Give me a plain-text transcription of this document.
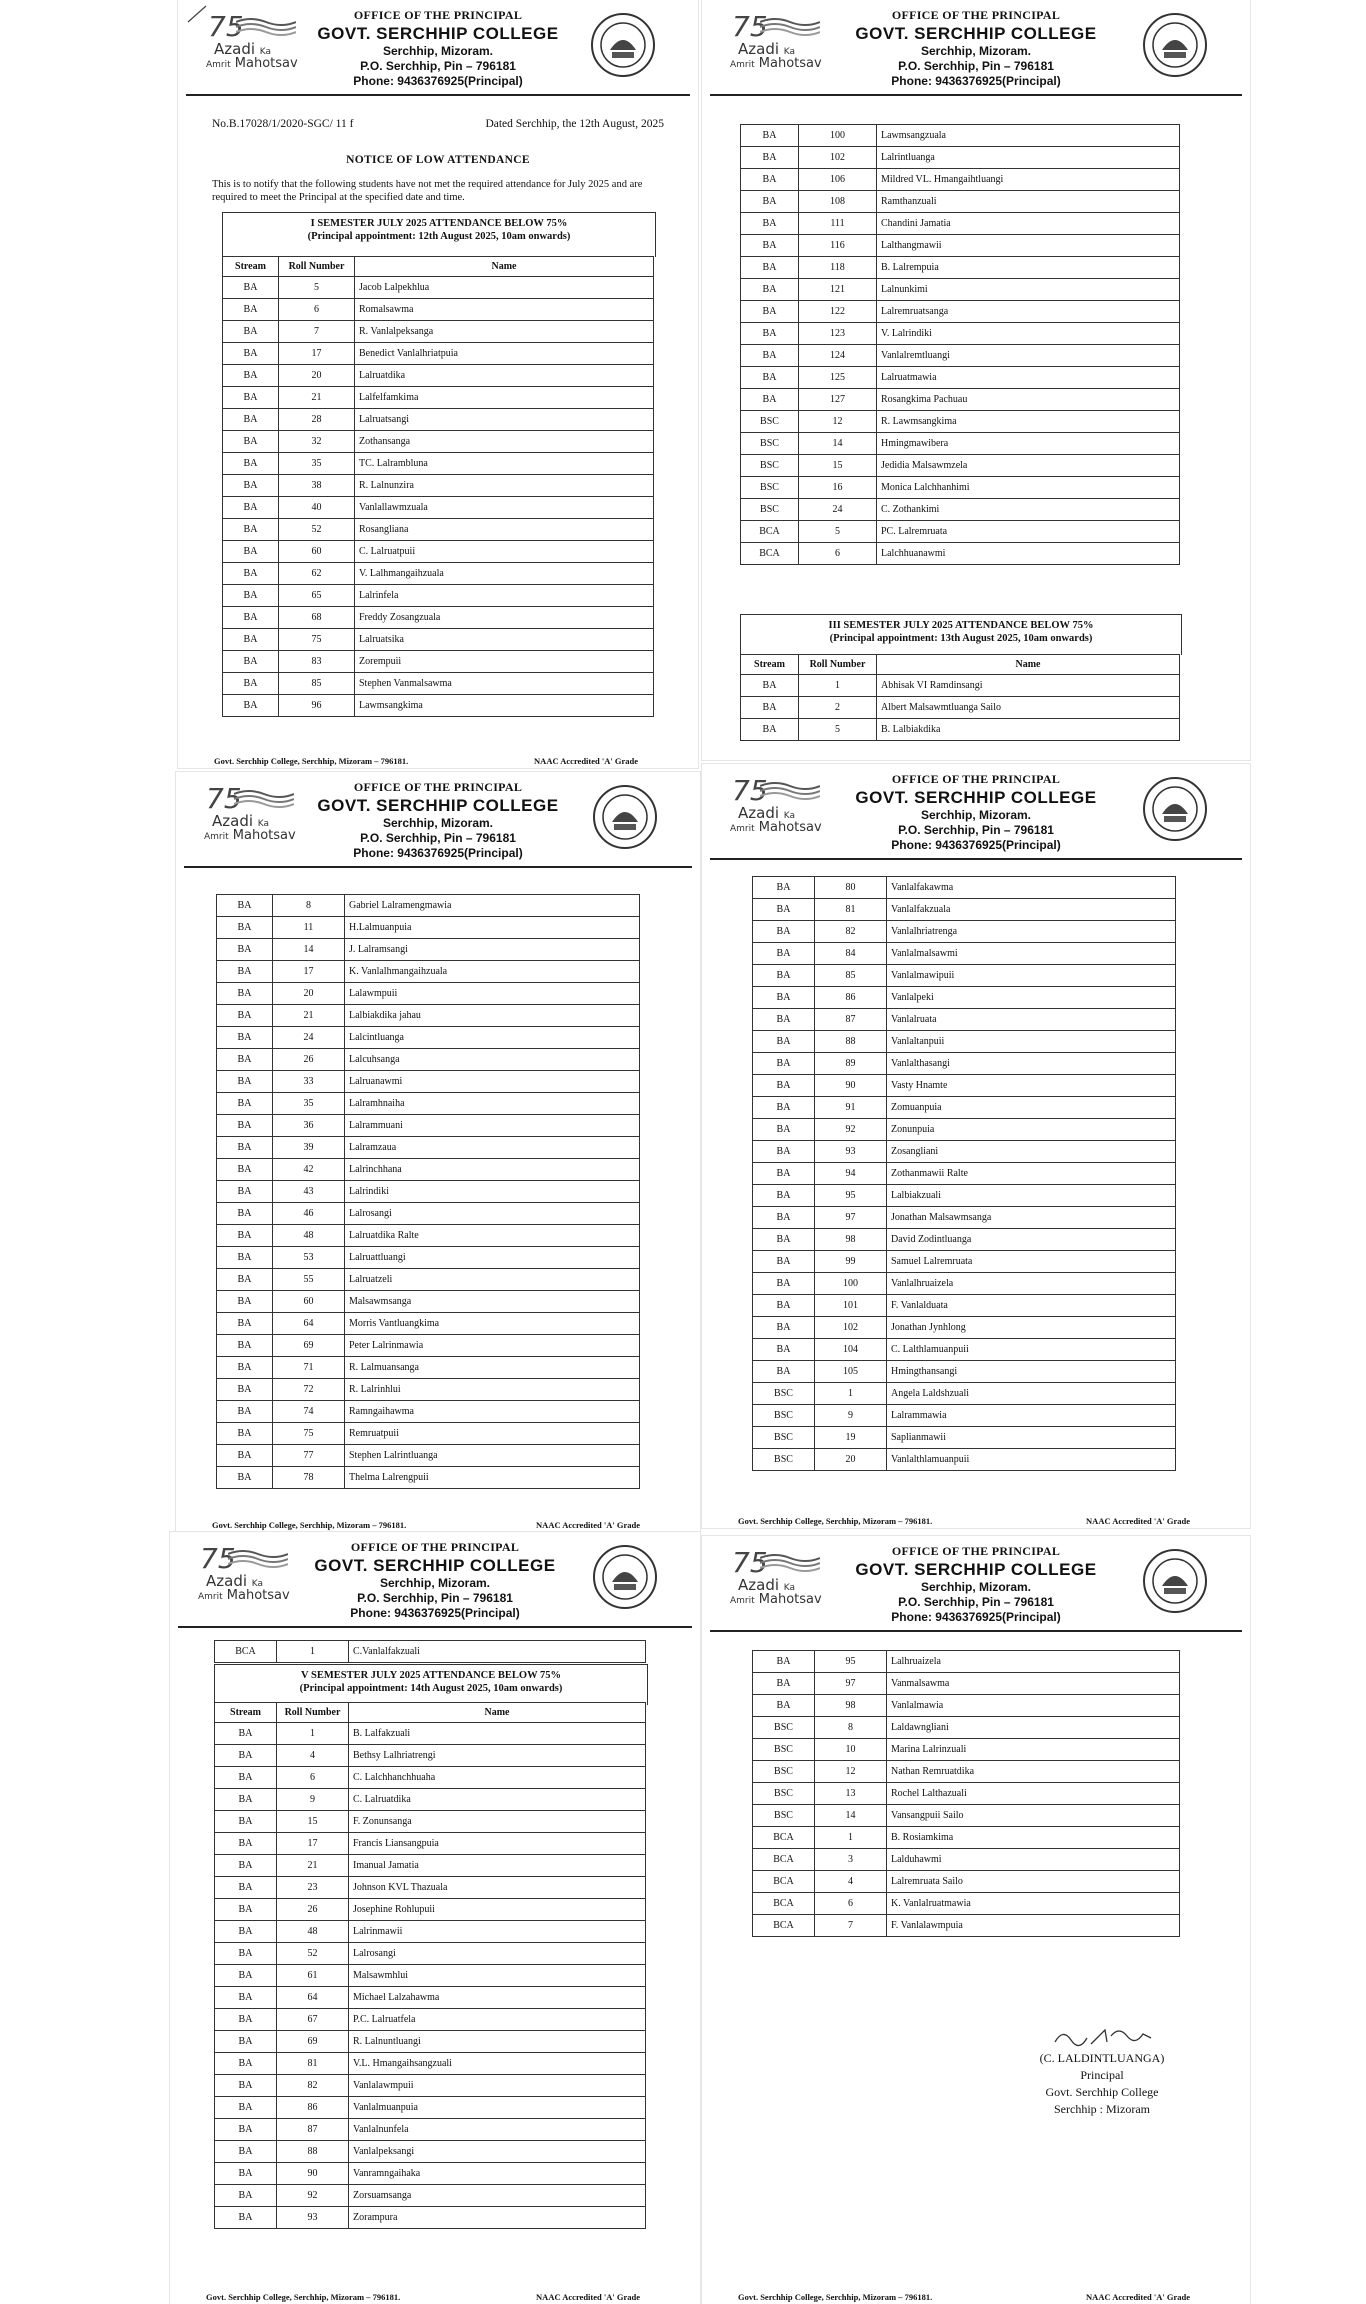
75
Azadi Ka
Amrit Mahotsav
OFFICE OF THE PRINCIPAL
GOVT. SERCHHIP COLLEGE
Serchhip, Mizoram.
P.O. Serchhip, Pin – 796181
Phone: 9436376925(Principal)
No.B.17028/1/2020-SGC/ 11 f	Dated Serchhip, the 12th August, 2025
NOTICE OF LOW ATTENDANCE
This is to notify that the following students have not met the required attendance for July 2025 and are required to meet the Principal at the specified date and time.
I SEMESTER JULY 2025 ATTENDANCE BELOW 75%
(Principal appointment: 12th August 2025, 10am onwards)
Stream	Roll Number	Name
BA	5	Jacob Lalpekhlua
BA	6	Romalsawma
BA	7	R. Vanlalpeksanga
BA	17	Benedict Vanlalhriatpuia
BA	20	Lalruatdika
BA	21	Lalfelfamkima
BA	28	Lalruatsangi
BA	32	Zothansanga
BA	35	TC. Lalrambluna
BA	38	R. Lalnunzira
BA	40	Vanlallawmzuala
BA	52	Rosangliana
BA	60	C. Lalruatpuii
BA	62	V. Lalhmangaihzuala
BA	65	Lalrinfela
BA	68	Freddy Zosangzuala
BA	75	Lalruatsika
BA	83	Zorempuii
BA	85	Stephen Vanmalsawma
BA	96	Lawmsangkima
Govt. Serchhip College, Serchhip, Mizoram – 796181.	NAAC Accredited 'A' Grade
75
Azadi Ka
Amrit Mahotsav
OFFICE OF THE PRINCIPAL
GOVT. SERCHHIP COLLEGE
Serchhip, Mizoram.
P.O. Serchhip, Pin – 796181
Phone: 9436376925(Principal)
BA	100	Lawmsangzuala
BA	102	Lalrintluanga
BA	106	Mildred VL. Hmangaihtluangi
BA	108	Ramthanzuali
BA	111	Chandini Jamatia
BA	116	Lalthangmawii
BA	118	B. Lalrempuia
BA	121	Lalnunkimi
BA	122	Lalremruatsanga
BA	123	V. Lalrindiki
BA	124	Vanlalremtluangi
BA	125	Lalruatmawia
BA	127	Rosangkima Pachuau
BSC	12	R. Lawmsangkima
BSC	14	Hmingmawibera
BSC	15	Jedidia Malsawmzela
BSC	16	Monica Lalchhanhimi
BSC	24	C. Zothankimi
BCA	5	PC. Lalremruata
BCA	6	Lalchhuanawmi
III SEMESTER JULY 2025 ATTENDANCE BELOW 75%
(Principal appointment: 13th August 2025, 10am onwards)
Stream	Roll Number	Name
BA	1	Abhisak VI Ramdinsangi
BA	2	Albert Malsawmtluanga Sailo
BA	5	B. Lalbiakdika
75
Azadi Ka
Amrit Mahotsav
OFFICE OF THE PRINCIPAL
GOVT. SERCHHIP COLLEGE
Serchhip, Mizoram.
P.O. Serchhip, Pin – 796181
Phone: 9436376925(Principal)
BA	8	Gabriel Lalramengmawia
BA	11	H.Lalmuanpuia
BA	14	J. Lalramsangi
BA	17	K. Vanlalhmangaihzuala
BA	20	Lalawmpuii
BA	21	Lalbiakdika jahau
BA	24	Lalcintluanga
BA	26	Lalcuhsanga
BA	33	Lalruanawmi
BA	35	Lalramhnaiha
BA	36	Lalrammuani
BA	39	Lalramzaua
BA	42	Lalrinchhana
BA	43	Lalrindiki
BA	46	Lalrosangi
BA	48	Lalruatdika Ralte
BA	53	Lalruattluangi
BA	55	Lalruatzeli
BA	60	Malsawmsanga
BA	64	Morris Vantluangkima
BA	69	Peter Lalrinmawia
BA	71	R. Lalmuansanga
BA	72	R. Lalrinhlui
BA	74	Ramngaihawma
BA	75	Remruatpuii
BA	77	Stephen Lalrintluanga
BA	78	Thelma Lalrengpuii
Govt. Serchhip College, Serchhip, Mizoram – 796181.	NAAC Accredited 'A' Grade
75
Azadi Ka
Amrit Mahotsav
OFFICE OF THE PRINCIPAL
GOVT. SERCHHIP COLLEGE
Serchhip, Mizoram.
P.O. Serchhip, Pin – 796181
Phone: 9436376925(Principal)
BA	80	Vanlalfakawma
BA	81	Vanlalfakzuala
BA	82	Vanlalhriatrenga
BA	84	Vanlalmalsawmi
BA	85	Vanlalmawipuii
BA	86	Vanlalpeki
BA	87	Vanlalruata
BA	88	Vanlaltanpuii
BA	89	Vanlalthasangi
BA	90	Vasty Hnamte
BA	91	Zomuanpuia
BA	92	Zonunpuia
BA	93	Zosangliani
BA	94	Zothanmawii Ralte
BA	95	Lalbiakzuali
BA	97	Jonathan Malsawmsanga
BA	98	David Zodintluanga
BA	99	Samuel Lalremruata
BA	100	Vanlalhruaizela
BA	101	F. Vanlalduata
BA	102	Jonathan Jynhlong
BA	104	C. Lalthlamuanpuii
BA	105	Hmingthansangi
BSC	1	Angela Laldshzuali
BSC	9	Lalrammawia
BSC	19	Saplianmawii
BSC	20	Vanlalthlamuanpuii
Govt. Serchhip College, Serchhip, Mizoram – 796181.	NAAC Accredited 'A' Grade
75
Azadi Ka
Amrit Mahotsav
OFFICE OF THE PRINCIPAL
GOVT. SERCHHIP COLLEGE
Serchhip, Mizoram.
P.O. Serchhip, Pin – 796181
Phone: 9436376925(Principal)
BCA	1	C.Vanlalfakzuali
V SEMESTER JULY 2025 ATTENDANCE BELOW 75%
(Principal appointment: 14th August 2025, 10am onwards)
Stream	Roll Number	Name
BA	1	B. Lalfakzuali
BA	4	Bethsy Lalhriatrengi
BA	6	C. Lalchhanchhuaha
BA	9	C. Lalruatdika
BA	15	F. Zonunsanga
BA	17	Francis Liansangpuia
BA	21	Imanual Jamatia
BA	23	Johnson KVL Thazuala
BA	26	Josephine Rohlupuii
BA	48	Lalrinmawii
BA	52	Lalrosangi
BA	61	Malsawmhlui
BA	64	Michael Lalzahawma
BA	67	P.C. Lalruatfela
BA	69	R. Lalnuntluangi
BA	81	V.L. Hmangaihsangzuali
BA	82	Vanlalawmpuii
BA	86	Vanlalmuanpuia
BA	87	Vanlalnunfela
BA	88	Vanlalpeksangi
BA	90	Vanramngaihaka
BA	92	Zorsuamsanga
BA	93	Zorampura
Govt. Serchhip College, Serchhip, Mizoram – 796181.	NAAC Accredited 'A' Grade
75
Azadi Ka
Amrit Mahotsav
OFFICE OF THE PRINCIPAL
GOVT. SERCHHIP COLLEGE
Serchhip, Mizoram.
P.O. Serchhip, Pin – 796181
Phone: 9436376925(Principal)
BA	95	Lalhruaizela
BA	97	Vanmalsawma
BA	98	Vanlalmawia
BSC	8	Laldawngliani
BSC	10	Marina Lalrinzuali
BSC	12	Nathan Remruatdika
BSC	13	Rochel Lalthazuali
BSC	14	Vansangpuii Sailo
BCA	1	B. Rosiamkima
BCA	3	Lalduhawmi
BCA	4	Lalremruata Sailo
BCA	6	K. Vanlalruatmawia
BCA	7	F. Vanlalawmpuia
(C. LALDINTLUANGA)
Principal
Govt. Serchhip College
Serchhip : Mizoram
Govt. Serchhip College, Serchhip, Mizoram – 796181.	NAAC Accredited 'A' Grade
